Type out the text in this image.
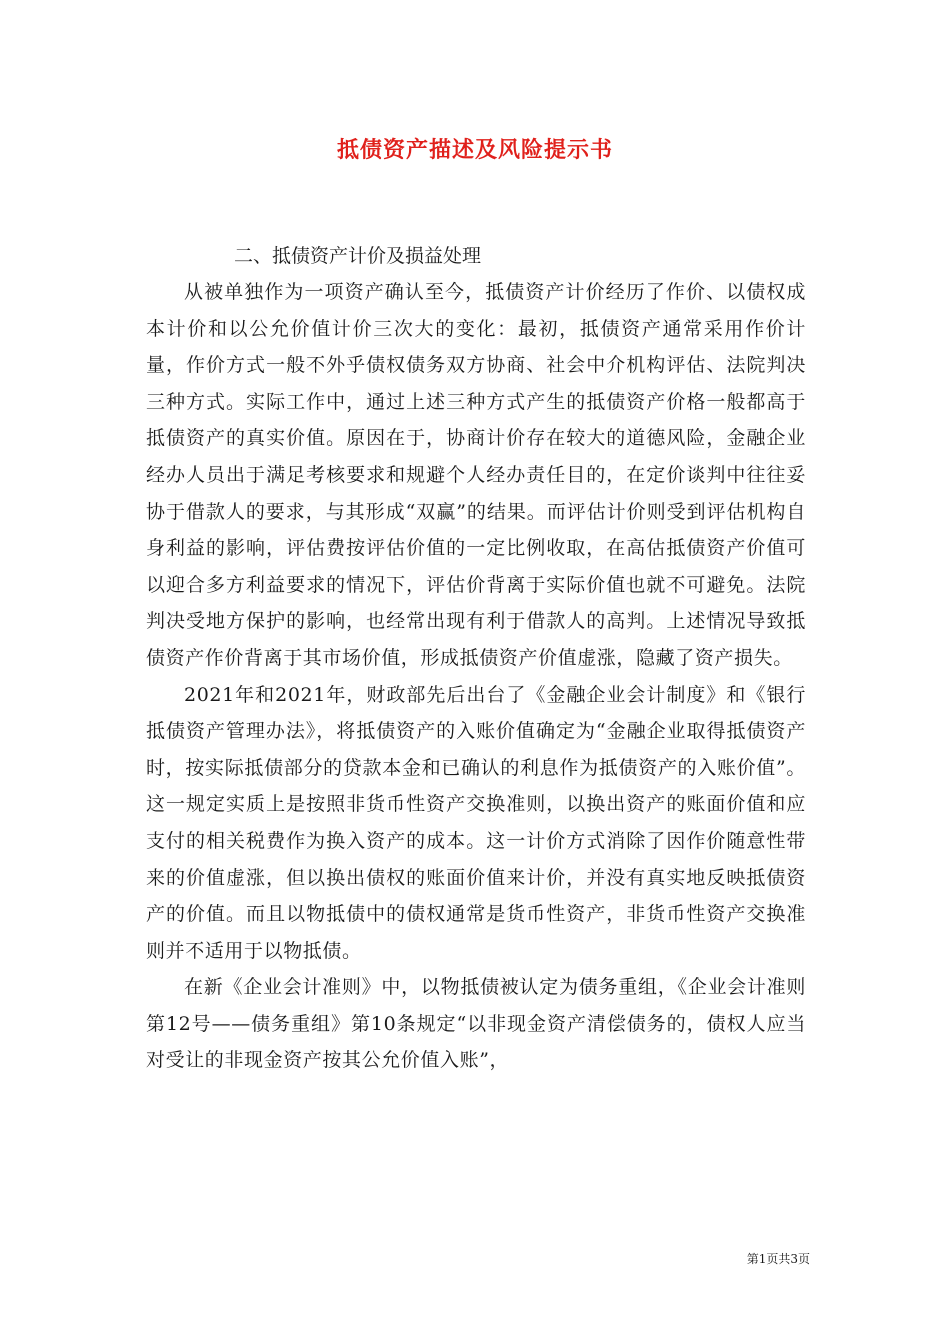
抵债资产描述及风险提示书

二、抵债资产计价及损益处理

从被单独作为一项资产确认至今，抵债资产计价经历了作价、以债权成本计价和以公允价值计价三次大的变化：最初，抵债资产通常采用作价计量，作价方式一般不外乎债权债务双方协商、社会中介机构评估、法院判决三种方式。实际工作中，通过上述三种方式产生的抵债资产价格一般都高于抵债资产的真实价值。原因在于，协商计价存在较大的道德风险，金融企业经办人员出于满足考核要求和规避个人经办责任目的，在定价谈判中往往妥协于借款人的要求，与其形成“双赢”的结果。而评估计价则受到评估机构自身利益的影响，评估费按评估价值的一定比例收取，在高估抵债资产价值可以迎合多方利益要求的情况下，评估价背离于实际价值也就不可避免。法院判决受地方保护的影响，也经常出现有利于借款人的高判。上述情况导致抵债资产作价背离于其市场价值，形成抵债资产价值虚涨，隐藏了资产损失。

2021年和2021年，财政部先后出台了《金融企业会计制度》和《银行抵债资产管理办法》，将抵债资产的入账价值确定为“金融企业取得抵债资产时，按实际抵债部分的贷款本金和已确认的利息作为抵债资产的入账价值”。这一规定实质上是按照非货币性资产交换准则，以换出资产的账面价值和应支付的相关税费作为换入资产的成本。这一计价方式消除了因作价随意性带来的价值虚涨，但以换出债权的账面价值来计价，并没有真实地反映抵债资产的价值。而且以物抵债中的债权通常是货币性资产，非货币性资产交换准则并不适用于以物抵债。

在新《企业会计准则》中，以物抵债被认定为债务重组，《企业会计准则第12号——债务重组》第10条规定“以非现金资产清偿债务的，债权人应当对受让的非现金资产按其公允价值入账”，

第1页共3页
